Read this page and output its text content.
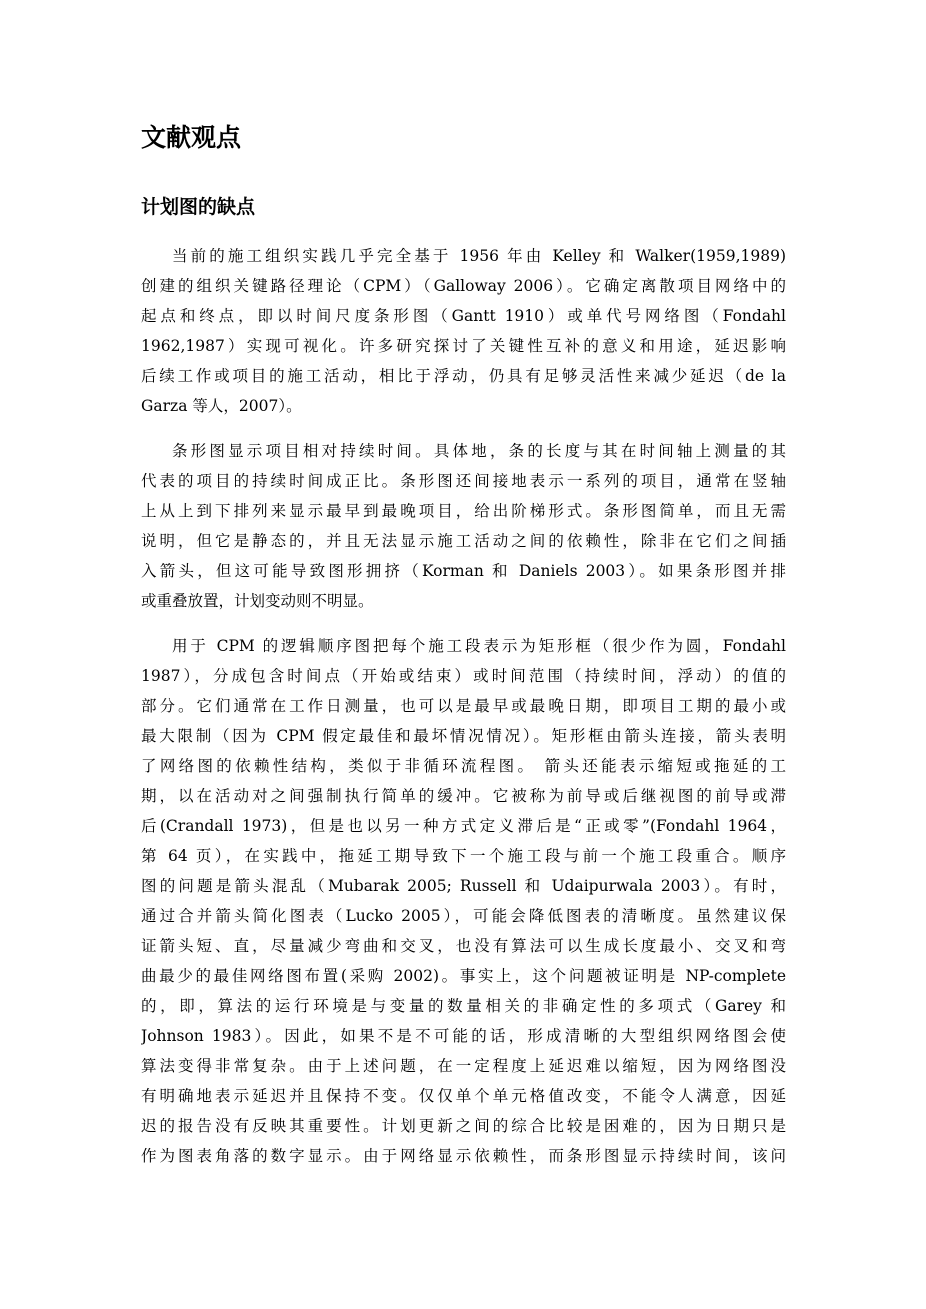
文献观点
计划图的缺点
当前的施工组织实践几乎完全基于 1956 年由 Kelley 和 Walker(1959,1989)
创建的组织关键路径理论（CPM）（Galloway 2006）。它确定离散项目网络中的
起点和终点，即以时间尺度条形图（Gantt 1910）或单代号网络图（Fondahl
1962,1987）实现可视化。许多研究探讨了关键性互补的意义和用途，延迟影响
后续工作或项目的施工活动，相比于浮动，仍具有足够灵活性来减少延迟（de la
Garza 等人，2007）。
条形图显示项目相对持续时间。具体地，条的长度与其在时间轴上测量的其
代表的项目的持续时间成正比。条形图还间接地表示一系列的项目，通常在竖轴
上从上到下排列来显示最早到最晚项目，给出阶梯形式。条形图简单，而且无需
说明，但它是静态的，并且无法显示施工活动之间的依赖性，除非在它们之间插
入箭头，但这可能导致图形拥挤（Korman 和 Daniels 2003）。如果条形图并排
或重叠放置，计划变动则不明显。
用于 CPM 的逻辑顺序图把每个施工段表示为矩形框（很少作为圆，Fondahl
1987），分成包含时间点（开始或结束）或时间范围（持续时间，浮动）的值的
部分。它们通常在工作日测量，也可以是最早或最晚日期，即项目工期的最小或
最大限制（因为 CPM 假定最佳和最坏情况情况）。矩形框由箭头连接，箭头表明
了网络图的依赖性结构，类似于非循环流程图。 箭头还能表示缩短或拖延的工
期，以在活动对之间强制执行简单的缓冲。它被称为前导或后继视图的前导或滞
后(Crandall 1973)，但是也以另一种方式定义滞后是“正或零”(Fondahl 1964，
第 64 页），在实践中，拖延工期导致下一个施工段与前一个施工段重合。顺序
图的问题是箭头混乱（Mubarak 2005; Russell 和 Udaipurwala 2003）。有时，
通过合并箭头简化图表（Lucko 2005），可能会降低图表的清晰度。虽然建议保
证箭头短、直，尽量减少弯曲和交叉，也没有算法可以生成长度最小、交叉和弯
曲最少的最佳网络图布置(采购 2002)。事实上，这个问题被证明是 NP-complete
的，即，算法的运行环境是与变量的数量相关的非确定性的多项式（Garey 和
Johnson 1983）。因此，如果不是不可能的话，形成清晰的大型组织网络图会使
算法变得非常复杂。由于上述问题，在一定程度上延迟难以缩短，因为网络图没
有明确地表示延迟并且保持不变。仅仅单个单元格值改变，不能令人满意，因延
迟的报告没有反映其重要性。计划更新之间的综合比较是困难的，因为日期只是
作为图表角落的数字显示。由于网络显示依赖性，而条形图显示持续时间，该问
